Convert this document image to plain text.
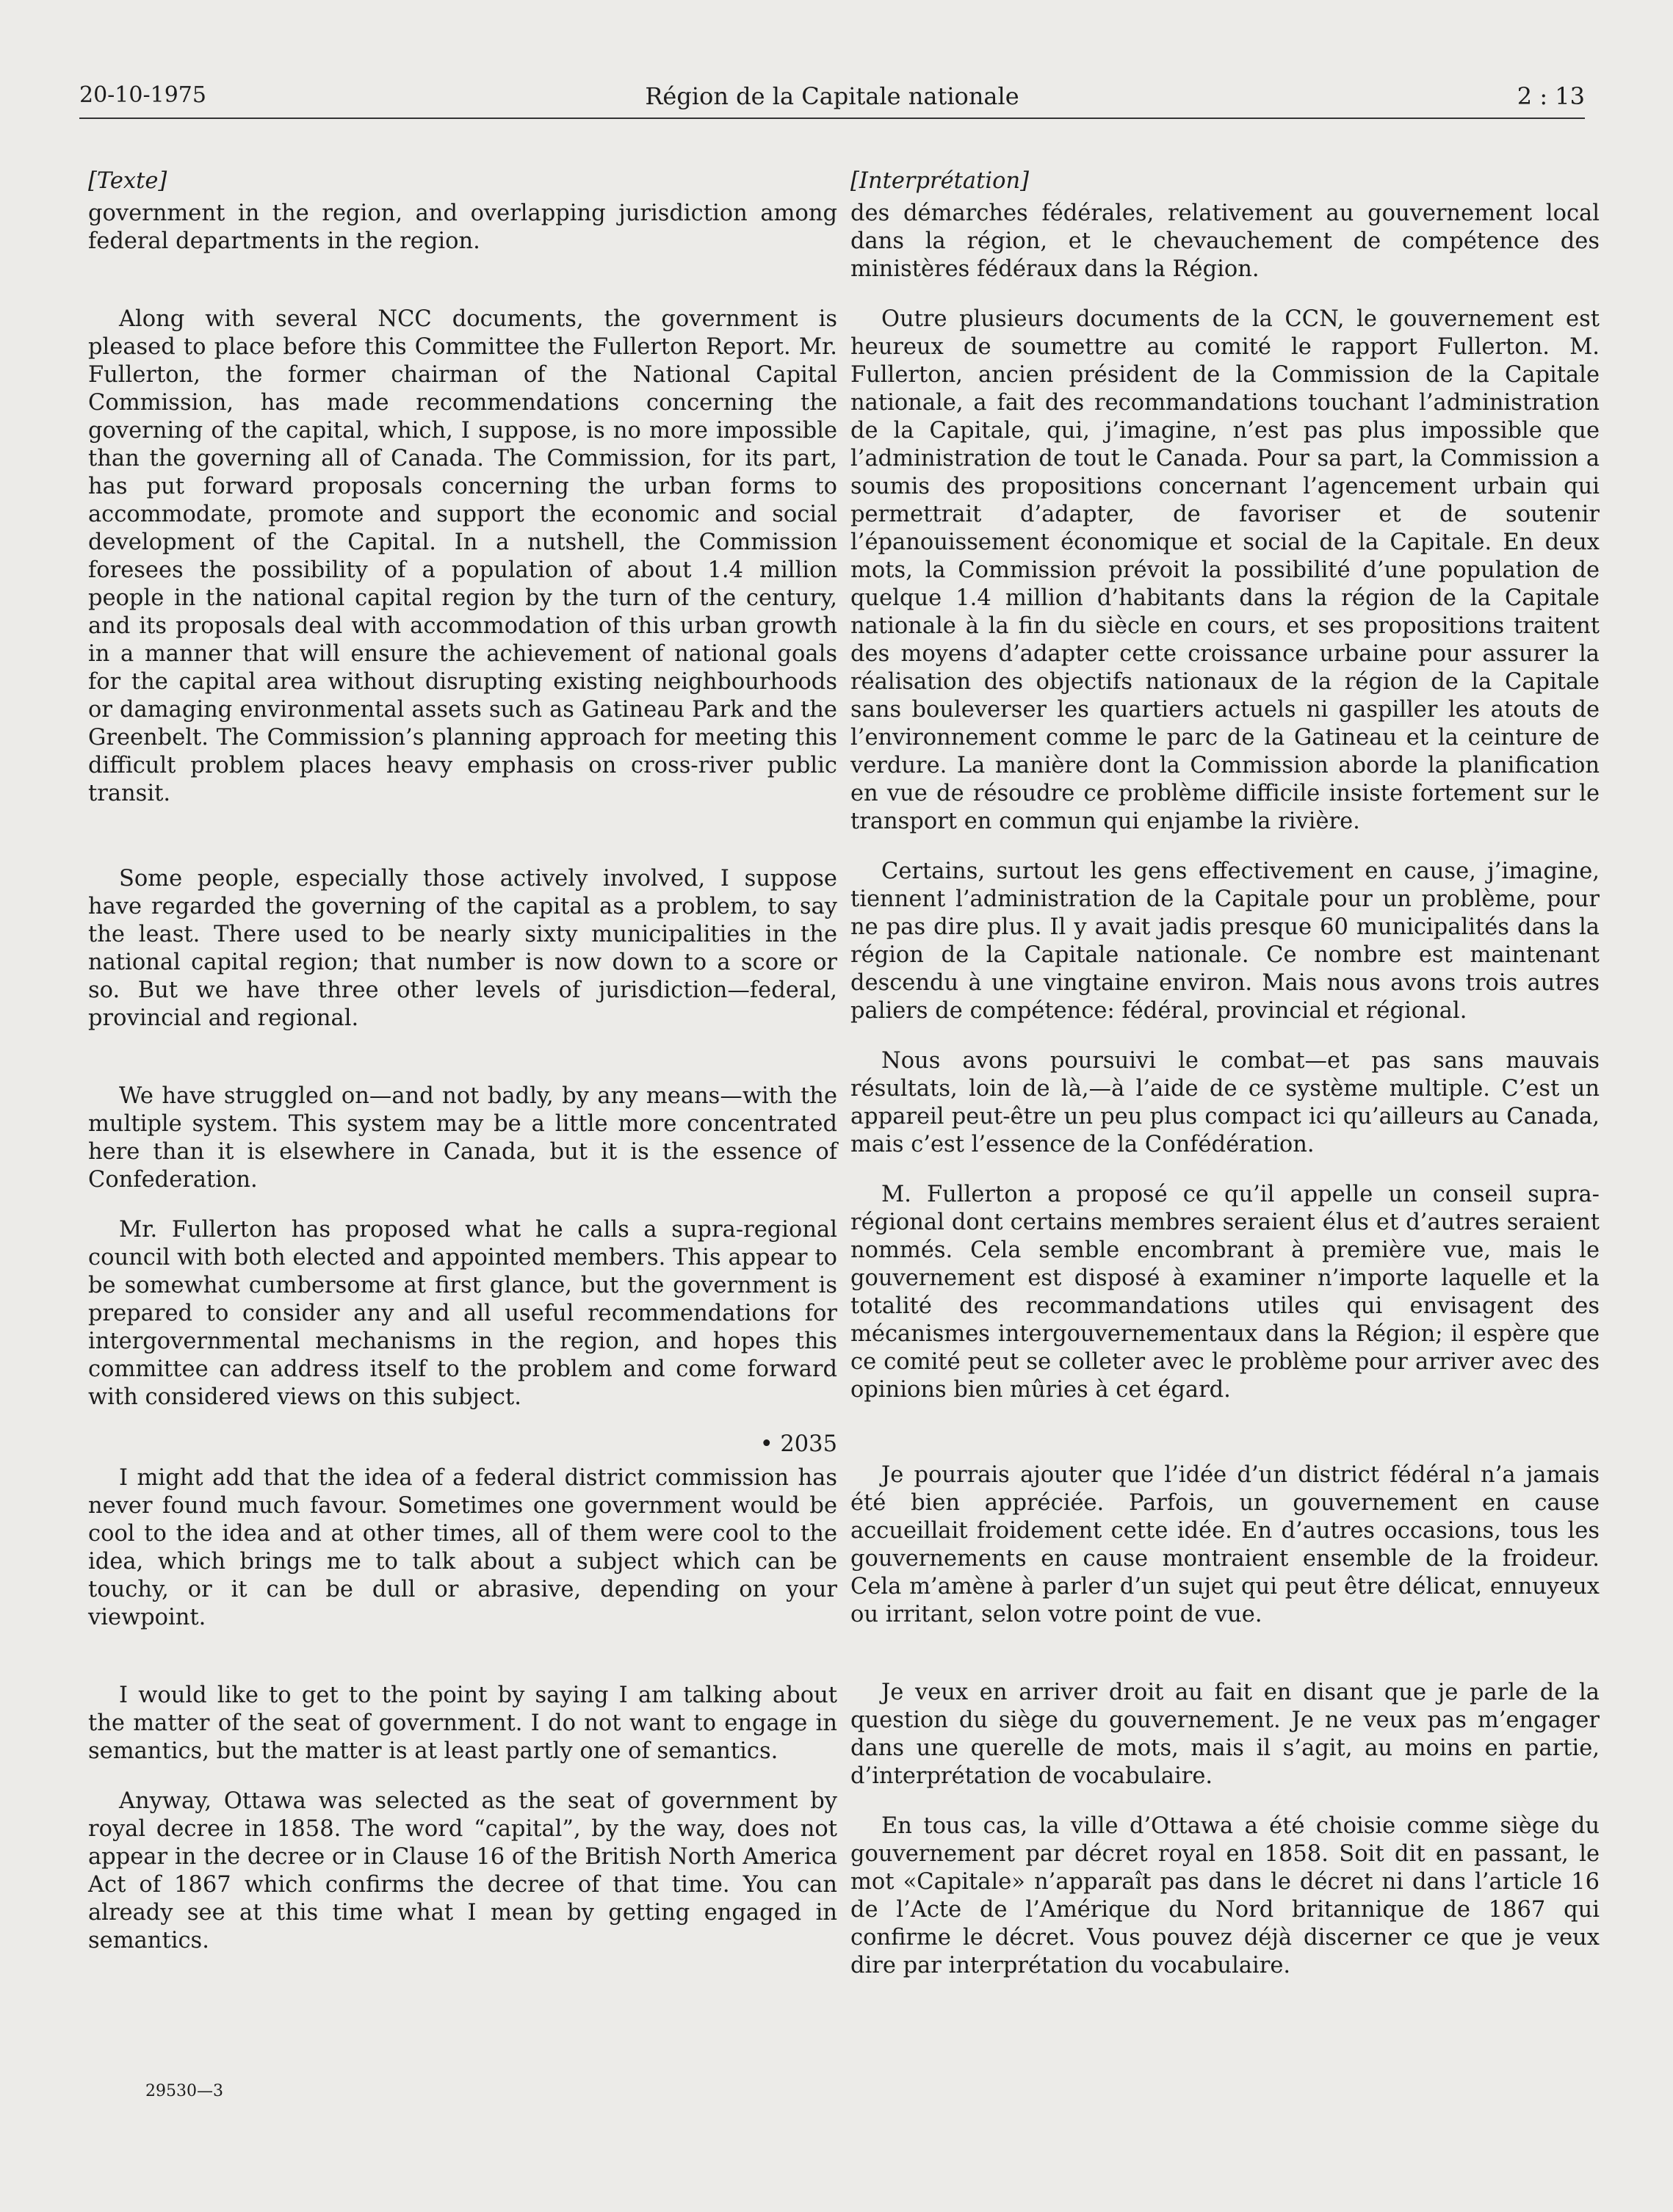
20-10-1975	Région de la Capitale nationale	2 : 13
[Texte]

government in the region, and overlapping jurisdiction among federal departments in the region.

Along with several NCC documents, the government is pleased to place before this Committee the Fullerton Report. Mr. Fullerton, the former chairman of the National Capital Commission, has made recommendations concerning the governing of the capital, which, I suppose, is no more impossible than the governing all of Canada. The Commission, for its part, has put forward proposals concerning the urban forms to accommodate, promote and support the economic and social development of the Capital. In a nutshell, the Commission foresees the possibility of a population of about 1.4 million people in the national capital region by the turn of the century, and its proposals deal with accommodation of this urban growth in a manner that will ensure the achievement of national goals for the capital area without disrupting existing neighbourhoods or damaging environmental assets such as Gatineau Park and the Greenbelt. The Commission’s planning approach for meeting this difficult problem places heavy emphasis on cross-river public transit.

Some people, especially those actively involved, I suppose have regarded the governing of the capital as a problem, to say the least. There used to be nearly sixty municipalities in the national capital region; that number is now down to a score or so. But we have three other levels of jurisdiction—federal, provincial and regional.

We have struggled on—and not badly, by any means—with the multiple system. This system may be a little more concentrated here than it is elsewhere in Canada, but it is the essence of Confederation.

Mr. Fullerton has proposed what he calls a supra-regional council with both elected and appointed members. This appear to be somewhat cumbersome at first glance, but the government is prepared to consider any and all useful recommendations for intergovernmental mechanisms in the region, and hopes this committee can address itself to the problem and come forward with considered views on this subject.

• 2035

I might add that the idea of a federal district commission has never found much favour. Sometimes one government would be cool to the idea and at other times, all of them were cool to the idea, which brings me to talk about a subject which can be touchy, or it can be dull or abrasive, depending on your viewpoint.

I would like to get to the point by saying I am talking about the matter of the seat of government. I do not want to engage in semantics, but the matter is at least partly one of semantics.

Anyway, Ottawa was selected as the seat of government by royal decree in 1858. The word “capital”, by the way, does not appear in the decree or in Clause 16 of the British North America Act of 1867 which confirms the decree of that time. You can already see at this time what I mean by getting engaged in semantics.

[Interprétation]

des démarches fédérales, relativement au gouvernement local dans la région, et le chevauchement de compétence des ministères fédéraux dans la Région.

Outre plusieurs documents de la CCN, le gouvernement est heureux de soumettre au comité le rapport Fullerton. M. Fullerton, ancien président de la Commission de la Capitale nationale, a fait des recommandations touchant l’administration de la Capitale, qui, j’imagine, n’est pas plus impossible que l’administration de tout le Canada. Pour sa part, la Commission a soumis des propositions concernant l’agencement urbain qui permettrait d’adapter, de favoriser et de soutenir l’épanouissement économique et social de la Capitale. En deux mots, la Commission prévoit la possibilité d’une population de quelque 1.4 million d’habitants dans la région de la Capitale nationale à la fin du siècle en cours, et ses propositions traitent des moyens d’adapter cette croissance urbaine pour assurer la réalisation des objectifs nationaux de la région de la Capitale sans bouleverser les quartiers actuels ni gaspiller les atouts de l’environnement comme le parc de la Gatineau et la ceinture de verdure. La manière dont la Commission aborde la planification en vue de résoudre ce problème difficile insiste fortement sur le transport en commun qui enjambe la rivière.

Certains, surtout les gens effectivement en cause, j’imagine, tiennent l’administration de la Capitale pour un problème, pour ne pas dire plus. Il y avait jadis presque 60 municipalités dans la région de la Capitale nationale. Ce nombre est maintenant descendu à une vingtaine environ. Mais nous avons trois autres paliers de compétence: fédéral, provincial et régional.

Nous avons poursuivi le combat—et pas sans mauvais résultats, loin de là,—à l’aide de ce système multiple. C’est un appareil peut-être un peu plus compact ici qu’ailleurs au Canada, mais c’est l’essence de la Confédération.

M. Fullerton a proposé ce qu’il appelle un conseil supra-régional dont certains membres seraient élus et d’autres seraient nommés. Cela semble encombrant à première vue, mais le gouvernement est disposé à examiner n’importe laquelle et la totalité des recommandations utiles qui envisagent des mécanismes intergouvernementaux dans la Région; il espère que ce comité peut se colleter avec le problème pour arriver avec des opinions bien mûries à cet égard.

Je pourrais ajouter que l’idée d’un district fédéral n’a jamais été bien appréciée. Parfois, un gouvernement en cause accueillait froidement cette idée. En d’autres occasions, tous les gouvernements en cause montraient ensemble de la froideur. Cela m’amène à parler d’un sujet qui peut être délicat, ennuyeux ou irritant, selon votre point de vue.

Je veux en arriver droit au fait en disant que je parle de la question du siège du gouvernement. Je ne veux pas m’engager dans une querelle de mots, mais il s’agit, au moins en partie, d’interprétation de vocabulaire.

En tous cas, la ville d’Ottawa a été choisie comme siège du gouvernement par décret royal en 1858. Soit dit en passant, le mot «Capitale» n’apparaît pas dans le décret ni dans l’article 16 de l’Acte de l’Amérique du Nord britannique de 1867 qui confirme le décret. Vous pouvez déjà discerner ce que je veux dire par interprétation du vocabulaire.

29530—3
